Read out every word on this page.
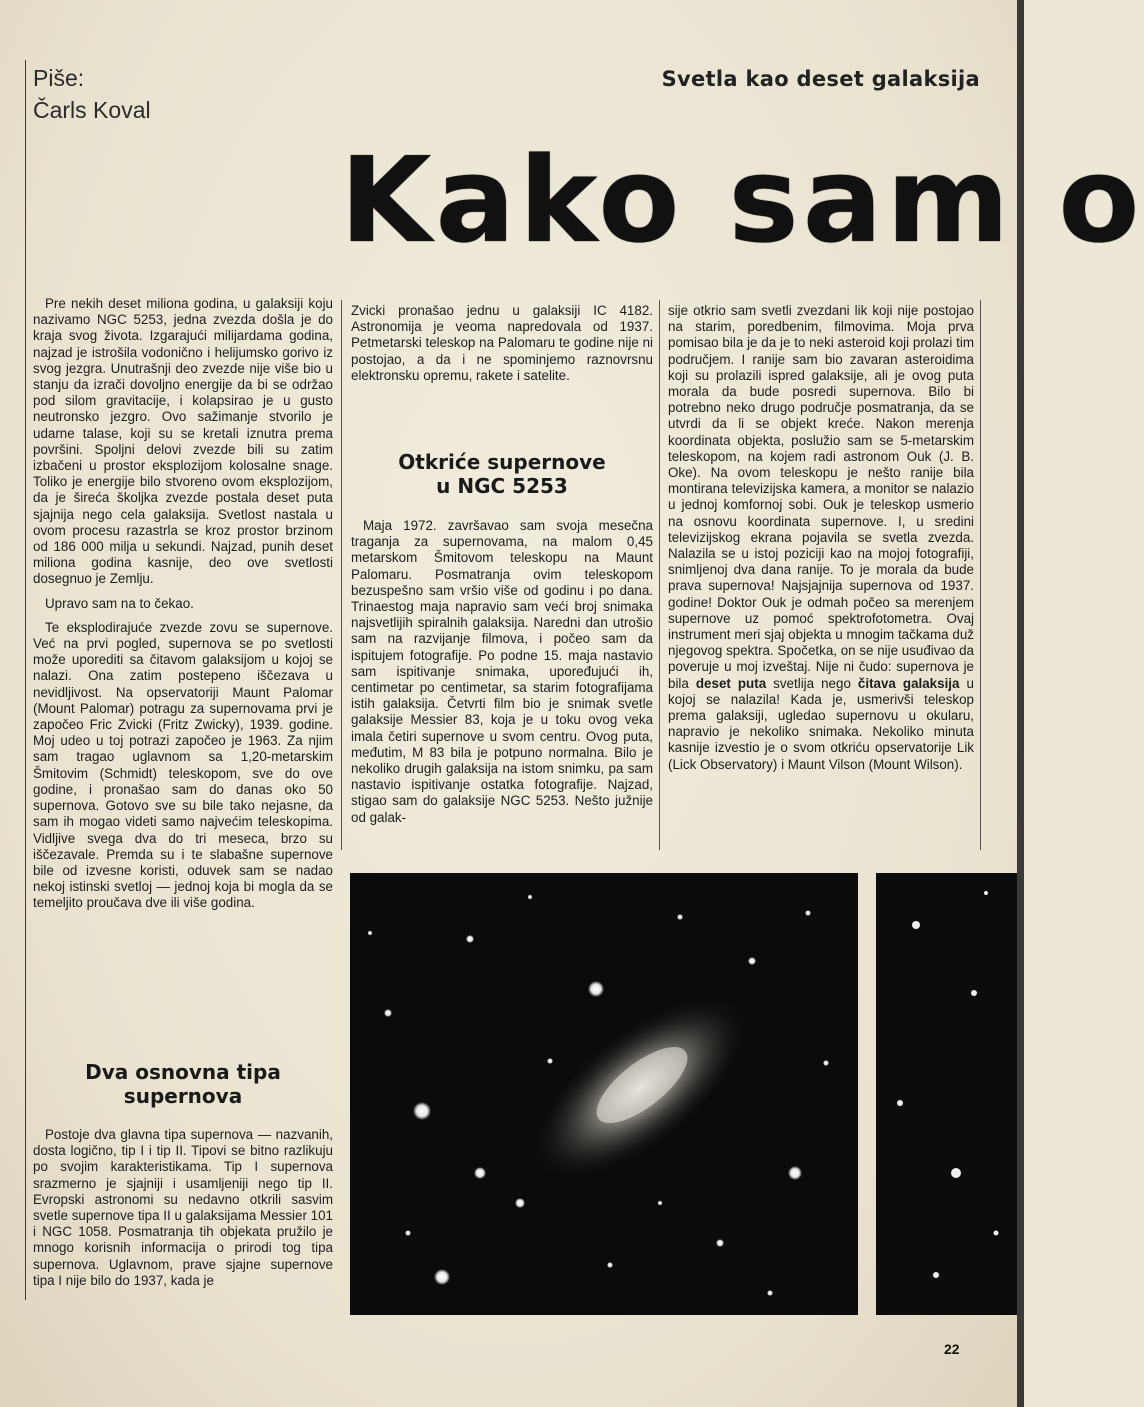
Piše:
Čarls Koval
Svetla kao deset galaksija
Kako sam o

Pre nekih deset miliona godina, u galaksiji koju nazivamo NGC 5253, jedna zvezda došla je do kraja svog života. Izgarajući milijardama godina, najzad je istrošila vodonično i helijumsko gorivo iz svog jezgra. Unutrašnji deo zvezde nije više bio u stanju da izrači dovoljno energije da bi se održao pod silom gravitacije, i kolapsirao je u gusto neutronsko jezgro. Ovo sažimanje stvorilo je udarne talase, koji su se kretali iznutra prema površini. Spoljni delovi zvezde bili su zatim izbačeni u prostor eksplozijom kolosalne snage. Toliko je energije bilo stvoreno ovom eksplozijom, da je šireća školjka zvezde postala deset puta sjajnija nego cela galaksija. Svetlost nastala u ovom procesu razastrla se kroz prostor brzinom od 186 000 milja u sekundi. Najzad, punih deset miliona godina kasnije, deo ove svetlosti dosegnuo je Zemlju.

Upravo sam na to čekao.

Te eksplodirajuće zvezde zovu se supernove. Već na prvi pogled, supernova se po svetlosti može uporediti sa čitavom galaksijom u kojoj se nalazi. Ona zatim postepeno iščezava u nevidljivost. Na opservatoriji Maunt Palomar (Mount Palomar) potragu za supernovama prvi je započeo Fric Zvicki (Fritz Zwicky), 1939. godine. Moj udeo u toj potrazi započeo je 1963. Za njim sam tragao uglavnom sa 1,20-metarskim Šmitovim (Schmidt) teleskopom, sve do ove godine, i pronašao sam do danas oko 50 supernova. Gotovo sve su bile tako nejasne, da sam ih mogao videti samo najvećim teleskopima. Vidljive svega dva do tri meseca, brzo su iščezavale. Premda su i te slabašne supernove bile od izvesne koristi, oduvek sam se nadao nekoj istinski svetloj — jednoj koja bi mogla da se temeljito proučava dve ili više godina.

Dva osnovna tipa
supernova

Postoje dva glavna tipa supernova — nazvanih, dosta logično, tip I i tip II. Tipovi se bitno razlikuju po svojim karakteristikama. Tip I supernova srazmerno je sjajniji i usamljeniji nego tip II. Evropski astronomi su nedavno otkrili sasvim svetle supernove tipa II u galaksijama Messier 101 i NGC 1058. Posmatranja tih objekata pružilo je mnogo korisnih informacija o prirodi tog tipa supernova. Uglavnom, prave sjajne supernove tipa I nije bilo do 1937, kada je

Zvicki pronašao jednu u galaksiji IC 4182. Astronomija je veoma napredovala od 1937. Petmetarski teleskop na Palomaru te godine nije ni postojao, a da i ne spominjemo raznovrsnu elektronsku opremu, rakete i satelite.

Otkriće supernove
u NGC 5253

Maja 1972. završavao sam svoja mesečna traganja za supernovama, na malom 0,45 metarskom Šmitovom teleskopu na Maunt Palomaru. Posmatranja ovim teleskopom bezuspešno sam vršio više od godinu i po dana. Trinaestog maja napravio sam veći broj snimaka najsvetlijih spiralnih galaksija. Naredni dan utrošio sam na razvijanje filmova, i počeo sam da ispitujem fotografije. Po podne 15. maja nastavio sam ispitivanje snimaka, upoređujući ih, centimetar po centimetar, sa starim fotografijama istih galaksija. Četvrti film bio je snimak svetle galaksije Messier 83, koja je u toku ovog veka imala četiri supernove u svom centru. Ovog puta, međutim, M 83 bila je potpuno normalna. Bilo je nekoliko drugih galaksija na istom snimku, pa sam nastavio ispitivanje ostatka fotografije. Najzad, stigao sam do galaksije NGC 5253. Nešto južnije od galak-

sije otkrio sam svetli zvezdani lik koji nije postojao na starim, poredbenim, filmovima. Moja prva pomisao bila je da je to neki asteroid koji prolazi tim područjem. I ranije sam bio zavaran asteroidima koji su prolazili ispred galaksije, ali je ovog puta morala da bude posredi supernova. Bilo bi potrebno neko drugo područje posmatranja, da se utvrdi da li se objekt kreće. Nakon merenja koordinata objekta, poslužio sam se 5-metarskim teleskopom, na kojem radi astronom Ouk (J. B. Oke). Na ovom teleskopu je nešto ranije bila montirana televizijska kamera, a monitor se nalazio u jednoj komfornoj sobi. Ouk je teleskop usmerio na osnovu koordinata supernove. I, u sredini televizijskog ekrana pojavila se svetla zvezda. Nalazila se u istoj poziciji kao na mojoj fotografiji, snimljenoj dva dana ranije. To je morala da bude prava supernova! Najsjajnija supernova od 1937. godine! Doktor Ouk je odmah počeo sa merenjem supernove uz pomoć spektrofotometra. Ovaj instrument meri sjaj objekta u mnogim tačkama duž njegovog spektra. Spočetka, on se nije usuđivao da poveruje u moj izveštaj. Nije ni čudo: supernova je bila deset puta svetlija nego čitava galaksija u kojoj se nalazila! Kada je, usmerivši teleskop prema galaksiji, ugledao supernovu u okularu, napravio je nekoliko snimaka. Nekoliko minuta kasnije izvestio je o svom otkriću opservatorije Lik (Lick Observatory) i Maunt Vilson (Mount Wilson).

22
